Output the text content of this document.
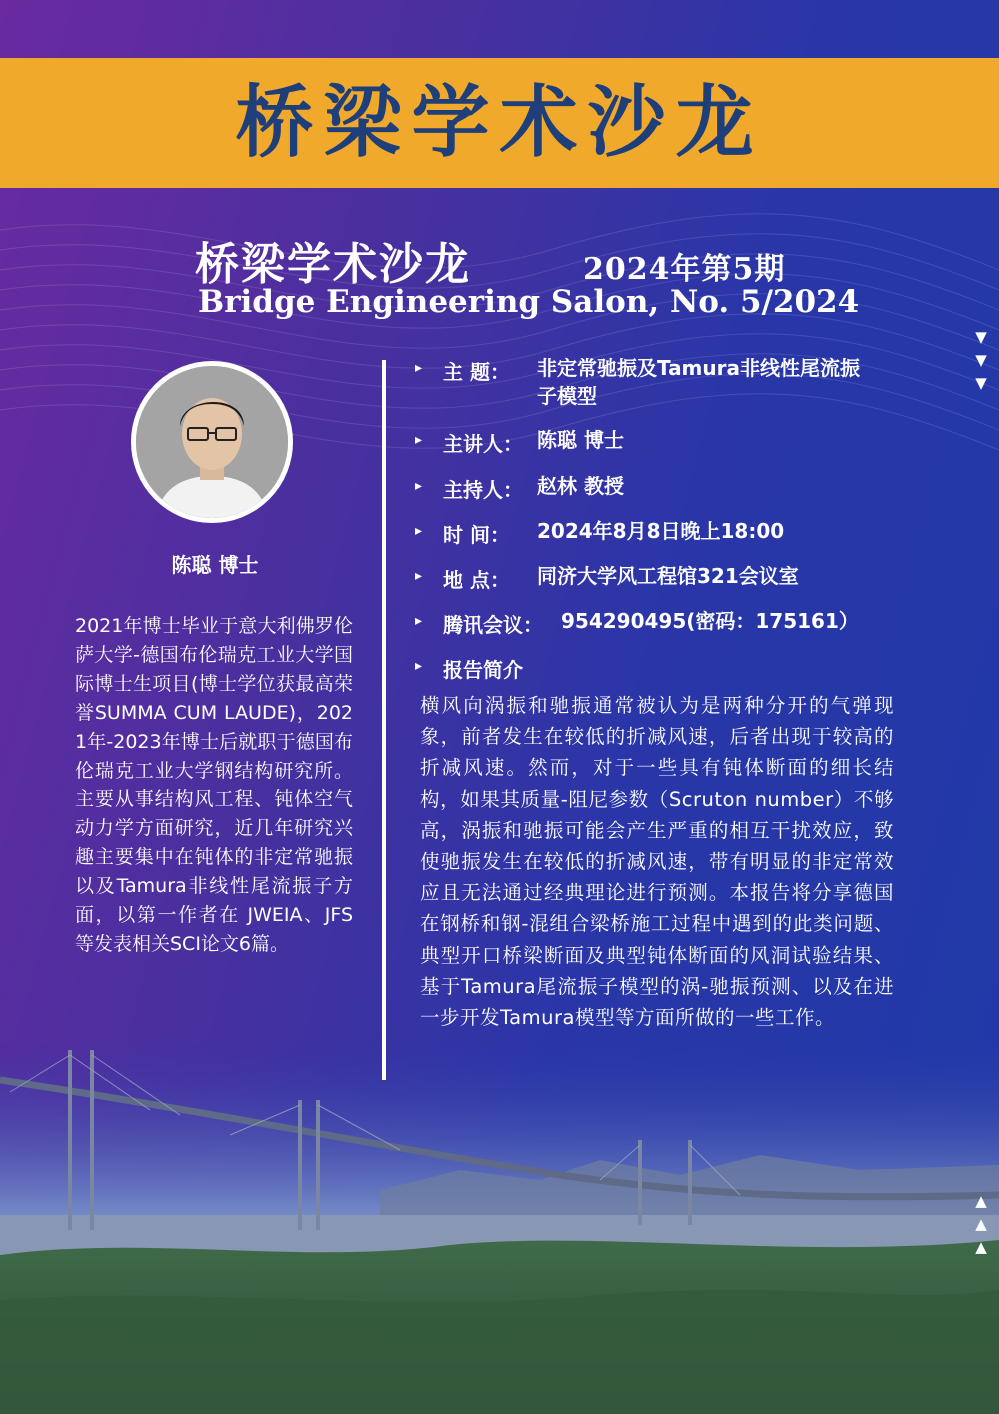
桥梁学术沙龙
桥梁学术沙龙	2024年第5期
Bridge Engineering Salon, No. 5/2024
▼
▼
▼
▲
▲
▲
陈聪 博士
2021年博士毕业于意大利佛罗伦萨大学-德国布伦瑞克工业大学国际博士生项目(博士学位获最高荣誉SUMMA CUM LAUDE)，2021年-2023年博士后就职于德国布伦瑞克工业大学钢结构研究所。主要从事结构风工程、钝体空气动力学方面研究，近几年研究兴趣主要集中在钝体的非定常驰振以及Tamura非线性尾流振子方面，以第一作者在 JWEIA、JFS等发表相关SCI论文6篇。
▸ 主 题：	非定常驰振及Tamura非线性尾流振子模型
▸ 主讲人： 陈聪 博士
▸ 主持人： 赵林 教授
▸ 时 间：	2024年8月8日晚上18:00
▸ 地 点：	同济大学风工程馆321会议室
▸ 腾讯会议： 954290495(密码：175161）
▸ 报告简介
横风向涡振和驰振通常被认为是两种分开的气弹现象，前者发生在较低的折减风速，后者出现于较高的折减风速。然而，对于一些具有钝体断面的细长结构，如果其质量-阻尼参数（Scruton number）不够高，涡振和驰振可能会产生严重的相互干扰效应，致使驰振发生在较低的折减风速，带有明显的非定常效应且无法通过经典理论进行预测。本报告将分享德国在钢桥和钢-混组合梁桥施工过程中遇到的此类问题、典型开口桥梁断面及典型钝体断面的风洞试验结果、基于Tamura尾流振子模型的涡-驰振预测、以及在进一步开发Tamura模型等方面所做的一些工作。
